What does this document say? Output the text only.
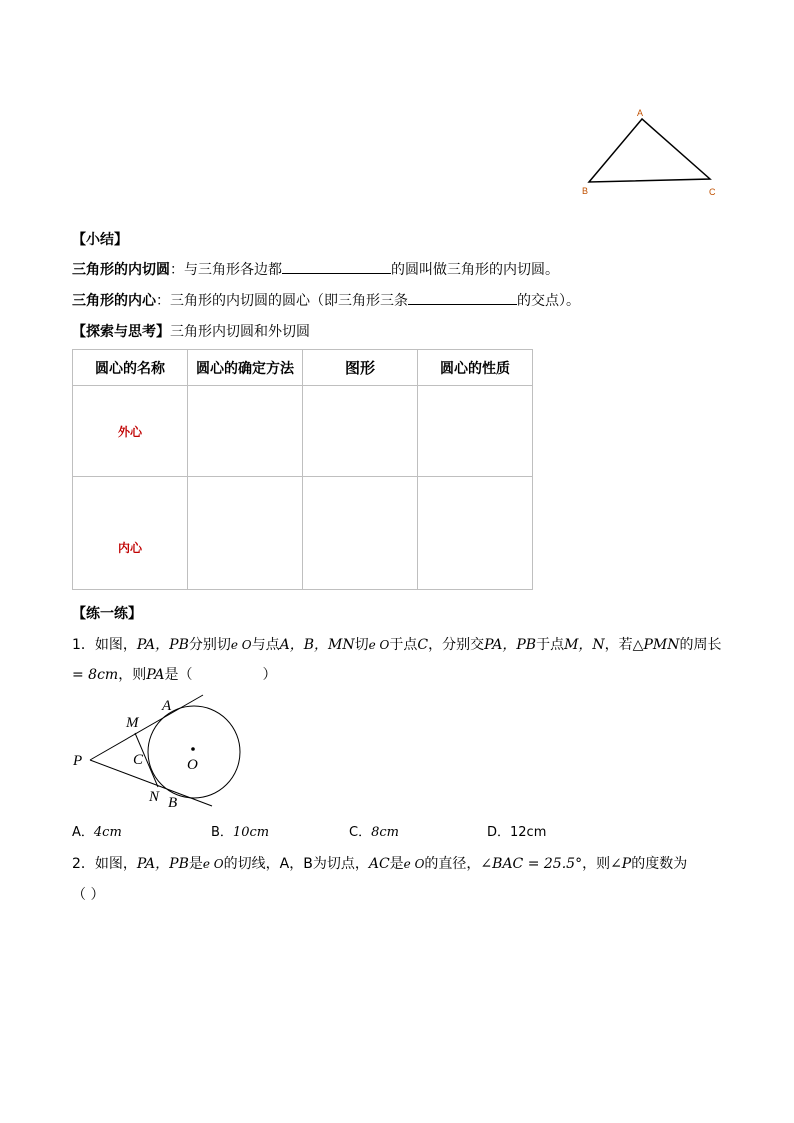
A
B	C
【小结】
三角形的内切圆：与三角形各边都	的圆叫做三角形的内切圆。
三角形的内心：三角形的内切圆的圆心（即三角形三条	的交点）。
【探索与思考】三角形内切圆和外切圆
圆心的名称	圆心的确定方法	图形	圆心的性质
外心			
内心			
【练一练】
1．如图，PA，PB分别切e O与点A，B，MN切e O于点C，分别交PA，PB于点M，N，若△PMN的周长
= 8cm，则PA是（	）
P
M
A
C	O
N B
A．4cm	B．10cm	C．8cm	D．12cm
2．如图，PA，PB是e O的切线，A，B为切点，AC是e O的直径，∠BAC = 25.5°，则∠P的度数为
（ ）
